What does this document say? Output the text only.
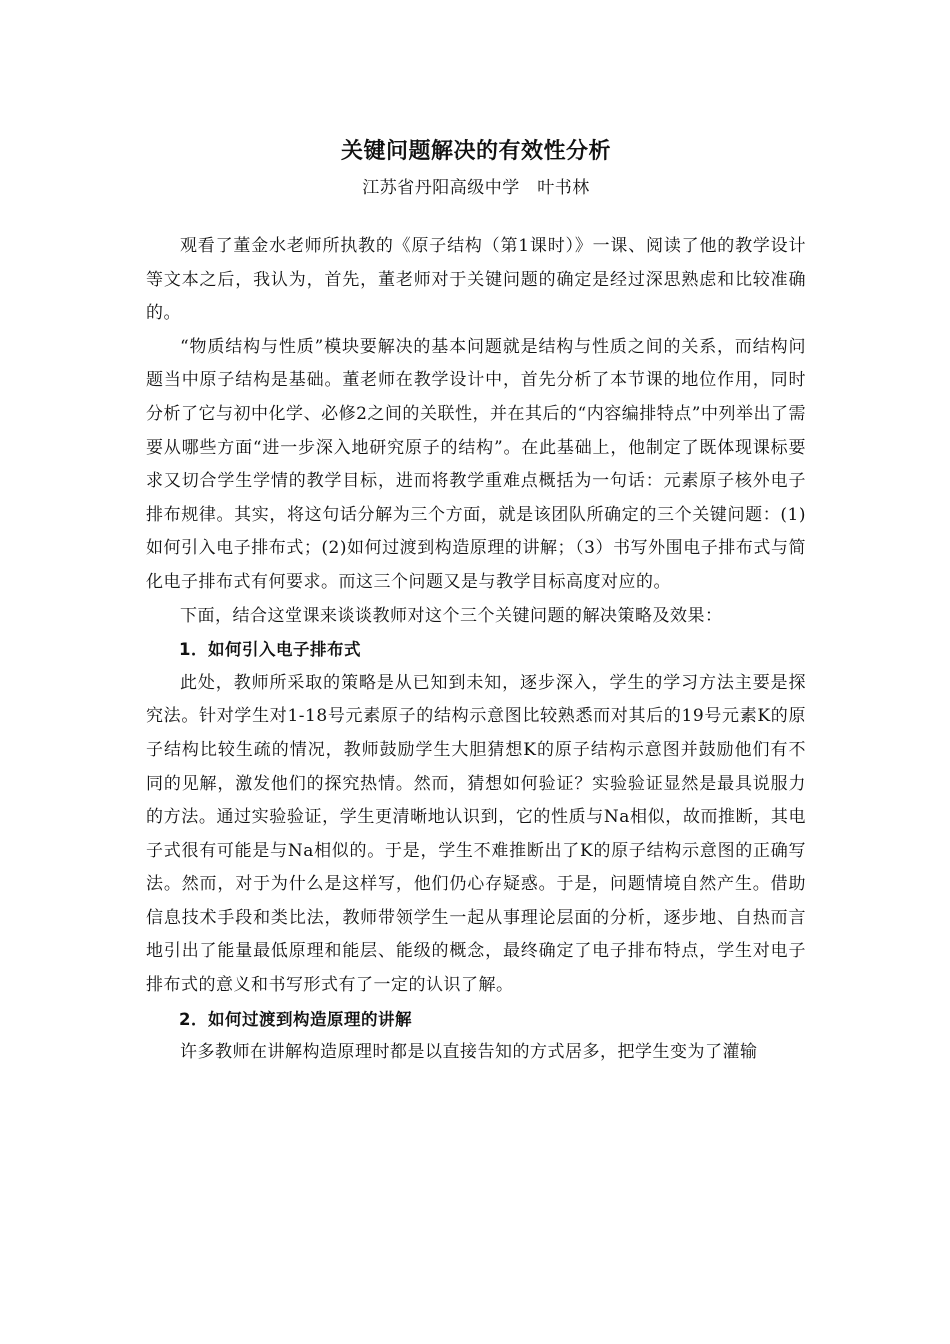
关键问题解决的有效性分析
江苏省丹阳高级中学　叶书林

观看了董金水老师所执教的《原子结构（第1课时）》一课、阅读了他的教学设计等文本之后，我认为，首先，董老师对于关键问题的确定是经过深思熟虑和比较准确的。

“物质结构与性质”模块要解决的基本问题就是结构与性质之间的关系，而结构问题当中原子结构是基础。董老师在教学设计中，首先分析了本节课的地位作用，同时分析了它与初中化学、必修2之间的关联性，并在其后的“内容编排特点”中列举出了需要从哪些方面“进一步深入地研究原子的结构”。在此基础上，他制定了既体现课标要求又切合学生学情的教学目标，进而将教学重难点概括为一句话：元素原子核外电子排布规律。其实，将这句话分解为三个方面，就是该团队所确定的三个关键问题：(1)如何引入电子排布式；(2)如何过渡到构造原理的讲解；（3）书写外围电子排布式与简化电子排布式有何要求。而这三个问题又是与教学目标高度对应的。

下面，结合这堂课来谈谈教师对这个三个关键问题的解决策略及效果：

1．如何引入电子排布式

此处，教师所采取的策略是从已知到未知，逐步深入，学生的学习方法主要是探究法。针对学生对1-18号元素原子的结构示意图比较熟悉而对其后的19号元素K的原子结构比较生疏的情况，教师鼓励学生大胆猜想K的原子结构示意图并鼓励他们有不同的见解，激发他们的探究热情。然而，猜想如何验证？实验验证显然是最具说服力的方法。通过实验验证，学生更清晰地认识到，它的性质与Na相似，故而推断，其电子式很有可能是与Na相似的。于是，学生不难推断出了K的原子结构示意图的正确写法。然而，对于为什么是这样写，他们仍心存疑惑。于是，问题情境自然产生。借助信息技术手段和类比法，教师带领学生一起从事理论层面的分析，逐步地、自热而言地引出了能量最低原理和能层、能级的概念，最终确定了电子排布特点，学生对电子排布式的意义和书写形式有了一定的认识了解。

2．如何过渡到构造原理的讲解

许多教师在讲解构造原理时都是以直接告知的方式居多，把学生变为了灌输
